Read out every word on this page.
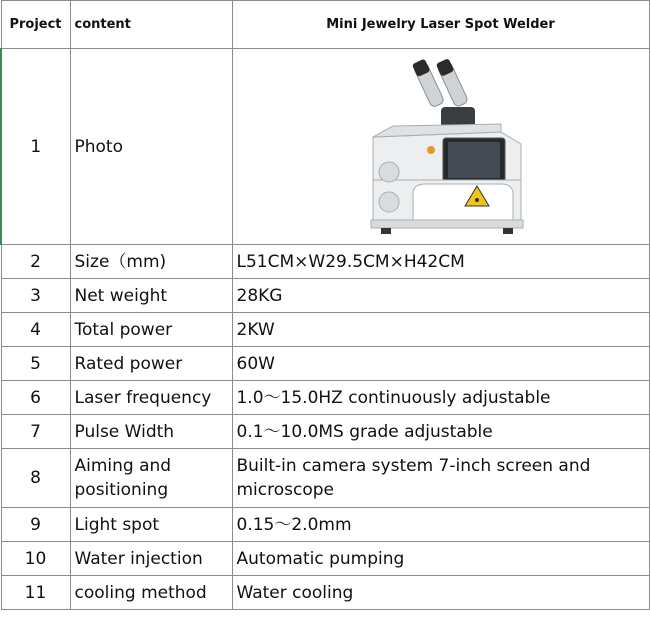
Project	content	Mini Jewelry Laser Spot Welder
1	Photo	

2	Size（mm)	L51CM×W29.5CM×H42CM
3	Net weight	28KG
4	Total power	2KW
5	Rated power	60W
6	Laser frequency	1.0～15.0HZ continuously adjustable
7	Pulse Width	0.1～10.0MS grade adjustable
8	Aiming and positioning	Built-in camera system 7-inch screen and microscope
9	Light spot	0.15～2.0mm
10	Water injection	Automatic pumping
11	cooling method	Water cooling
